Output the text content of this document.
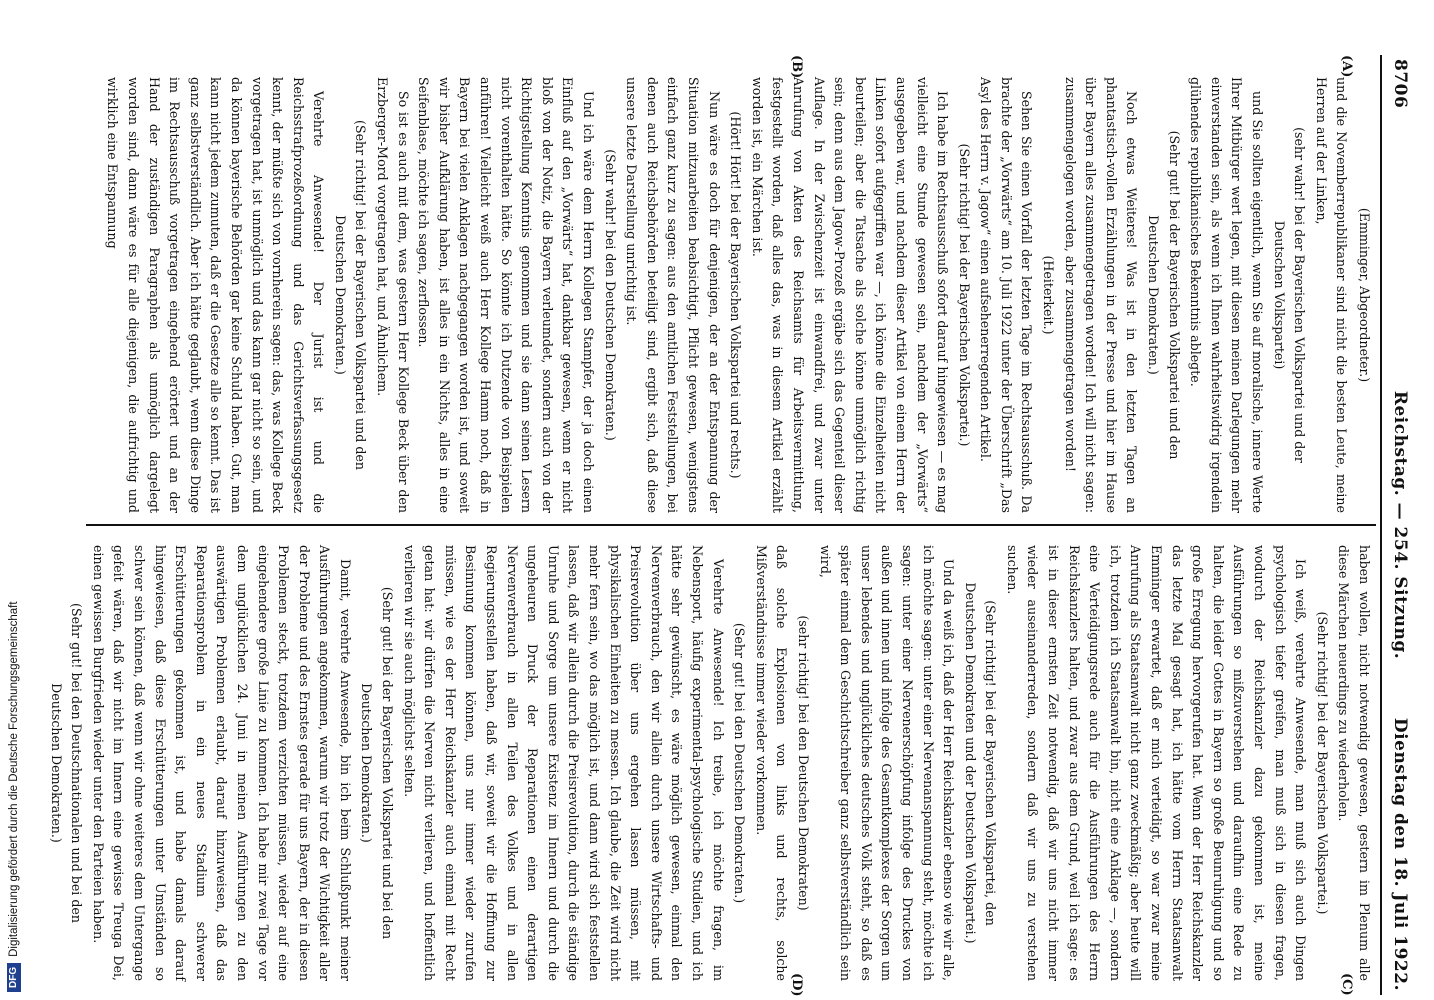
DFGDigitalisierung gefördert durch die Deutsche Forschungsgemeinschaft
8706
Reichstag. — 254. Sitzung.
Dienstag den 18. Juli 1922.
(A)
(B)
(C)
(D)

(Emminger, Abgeordneter.)

und die Novemberrepublikaner sind nicht die besten Leute, meine Herren auf der Linken,

(sehr wahr! bei der Bayerischen Volkspartei und der Deutschen Volkspartei)

und Sie sollten eigentlich, wenn Sie auf moralische, innere Werte Ihrer Mitbürger wert legen, mit diesen meinen Darlegungen mehr einverstanden sein, als wenn ich Ihnen wahrheitswidrig irgendein glühendes republikanisches Bekenntnis ablegte.

(Sehr gut! bei der Bayerischen Volkspartei und den Deutschen Demokraten.)

Noch etwas Weiteres! Was ist in den letzten Tagen an phantastisch-vollen Erzählungen in der Presse und hier im Hause über Bayern alles zusammengetragen worden! Ich will nicht sagen: zusammengelogen worden, aber zusammengetragen worden!

(Heiterkeit.)

Sehen Sie einen Vorfall der letzten Tage im Rechtsausschuß. Da brachte der „Vorwärts“ am 10. Juli 1922 unter der Überschrift „Das Asyl des Herrn v. Jagow“ einen aufsehenerregenden Artikel.

(Sehr richtig! bei der Bayerischen Volkspartei.)

Ich habe im Rechtsausschuß sofort darauf hingewiesen — es mag vielleicht eine Stunde gewesen sein, nachdem der „Vorwärts“ ausgegeben war, und nachdem dieser Artikel von einem Herrn der Linken sofort aufgegriffen war —, ich könne die Einzelheiten nicht beurteilen; aber die Tatsache als solche könne unmöglich richtig sein; denn aus dem Jagow-Prozeß ergäbe sich das Gegenteil dieser Auflage. In der Zwischenzeit ist einwandfrei, und zwar unter Anrufung von Akten des Reichsamts für Arbeitsvermittlung, festgestellt worden, daß alles das, was in diesem Artikel erzählt worden ist, ein Märchen ist.

(Hört! Hört! bei der Bayerischen Volkspartei und rechts.)

Nun wäre es doch für denjenigen, der an der Entspannung der Situation mitzuarbeiten beabsichtigt, Pflicht gewesen, wenigstens einfach ganz kurz zu sagen: aus den amtlichen Feststellungen, bei denen auch Reichsbehörden beteiligt sind, ergibt sich, daß diese unsere letzte Darstellung unrichtig ist.

(Sehr wahr! bei den Deutschen Demokraten.)

Und ich wäre dem Herrn Kollegen Stampfer, der ja doch einen Einfluß auf den „Vorwärts“ hat, dankbar gewesen, wenn er nicht bloß von der Notiz, die Bayern verleumdet, sondern auch von der Richtigstellung Kenntnis genommen und sie dann seinen Lesern nicht vorenthalten hätte. So könnte ich Dutzende von Beispielen anführen! Vielleicht weiß auch Herr Kollege Hamm noch, daß in Bayern bei vielen Anklagen nachgegangen worden ist, und soweit wir bisher Aufklärung haben, ist alles in ein Nichts, alles in eine Seifenblase, möchte ich sagen, zerflossen.

So ist es auch mit dem, was gestern Herr Kollege Beck über den Erzberger-Mord vorgetragen hat, und Ähnlichem.

(Sehr richtig! bei der Bayerischen Volkspartei und den Deutschen Demokraten.)

Verehrte Anwesende! Der Jurist ist und die Reichsstrafprozeßordnung und das Gerichtsverfassungsgesetz kennt, der müßte sich von vornherein sagen: das, was Kollege Beck vorgetragen hat, ist unmöglich und das kann gar nicht so sein, und da können bayerische Behörden gar keine Schuld haben. Gut, man kann nicht jedem zumuten, daß er die Gesetze alle so kennt. Das ist ganz selbstverständlich. Aber ich hätte geglaubt, wenn diese Dinge im Rechtsausschuß vorgetragen eingehend erörtert und an der Hand der zuständigen Paragraphen als unmöglich dargelegt worden sind, dann wäre es für alle diejenigen, die aufrichtig und wirklich eine Entspannung

haben wollen, nicht notwendig gewesen, gestern im Plenum alle diese Märchen neuerdings zu wiederholen.

(Sehr richtig! bei der Bayerischen Volkspartei.)

Ich weiß, verehrte Anwesende, man muß sich auch Dingen psychologisch tiefer greifen, man muß sich in diesen fragen, wodurch der Reichskanzler dazu gekommen ist, meine Ausführungen so mißzuverstehen und daraufhin eine Rede zu halten, die leider Gottes in Bayern so große Beunruhigung und so große Erregung hervorgerufen hat. Wenn der Herr Reichskanzler das letzte Mal gesagt hat, ich hätte vom Herrn Staatsanwalt Emminger erwartet, daß er mich verteidigt, so war zwar meine Anrufung als Staatsanwalt nicht ganz zweckmäßig; aber heute will ich, trotzdem ich Staatsanwalt bin, nicht eine Anklage —, sondern eine Verteidigungsrede auch für die Ausführungen des Herrn Reichskanzlers halten, und zwar aus dem Grund, weil ich sage: es ist in dieser ernsten Zeit notwendig, daß wir uns nicht immer wieder auseinanderreden, sondern daß wir uns zu verstehen suchen.

(Sehr richtig! bei der Bayerischen Volkspartei, den Deutschen Demokraten und der Deutschen Volkspartei.)

Und da weiß ich, daß der Herr Reichskanzler ebenso wie wir alle, ich möchte sagen: unter einer Nervenanspannung steht, möchte ich sagen: unter einer Nervenerschöpfung infolge des Druckes von außen und innen und infolge des Gesamtkomplexes der Sorgen um unser lebendes und unglückliches deutsches Volk steht, so daß es später einmal dem Geschichtschreiber ganz selbstverständlich sein wird,

(sehr richtig! bei den Deutschen Demokraten)

daß solche Explosionen von links und rechts, solche Mißverständnisse immer wieder vorkommen.

(Sehr gut! bei den Deutschen Demokraten.)

Verehrte Anwesende! Ich treibe, ich möchte fragen, im Nebensport, häufig experimental-psychologische Studien, und ich hätte sehr gewünscht, es wäre möglich gewesen, einmal den Nervenverbrauch, den wir allein durch unsere Wirtschafts- und Preisrevolution über uns ergehen lassen müssen, mit physikalischen Einheiten zu messen. Ich glaube, die Zeit wird nicht mehr fern sein, wo das möglich ist, und dann wird sich feststellen lassen, daß wir allein durch die Preisrevolution, durch die ständige Unruhe und Sorge um unsere Existenz im Innern und durch die ungeheuren Druck der Reparationen einen derartigen Nervenverbrauch in allen Teilen des Volkes und in allen Regierungsstellen haben, daß wir, soweit wir die Hoffnung zur Besinnung kommen können, uns nur immer wieder zurufen müssen, wie es der Herr Reichskanzler auch einmal mit Recht getan hat: wir dürfen die Nerven nicht verlieren, und hoffentlich verlieren wir sie auch möglichst selten.

(Sehr gut! bei der Bayerischen Volkspartei und bei den Deutschen Demokraten.)

Damit, verehrte Anwesende, bin ich beim Schlußpunkt meiner Ausführungen angekommen, warum wir trotz der Wichtigkeit aller der Probleme und des Ernstes gerade für uns Bayern, der in diesen Problemen steckt, trotzdem verzichten müssen, wieder auf eine eingehendere große Linie zu kommen. Ich habe mir zwei Tage vor dem unglücklichen 24. Juni in meinen Ausführungen zu den auswärtigen Problemen erlaubt, darauf hinzuweisen, daß das Reparationsproblem in ein neues Stadium schwerer Erschütterungen gekommen ist, und habe damals darauf hingewiesen, daß diese Erschütterungen unter Umständen so schwer sein können, daß wenn wir ohne weiteres dem Untergange gefeit wären, daß wir nicht im Innern eine gewisse Treuga Dei, einen gewissen Burgfrieden wieder unter den Parteien haben.

(Sehr gut! bei den Deutschnationalen und bei den Deutschen Demokraten.)
